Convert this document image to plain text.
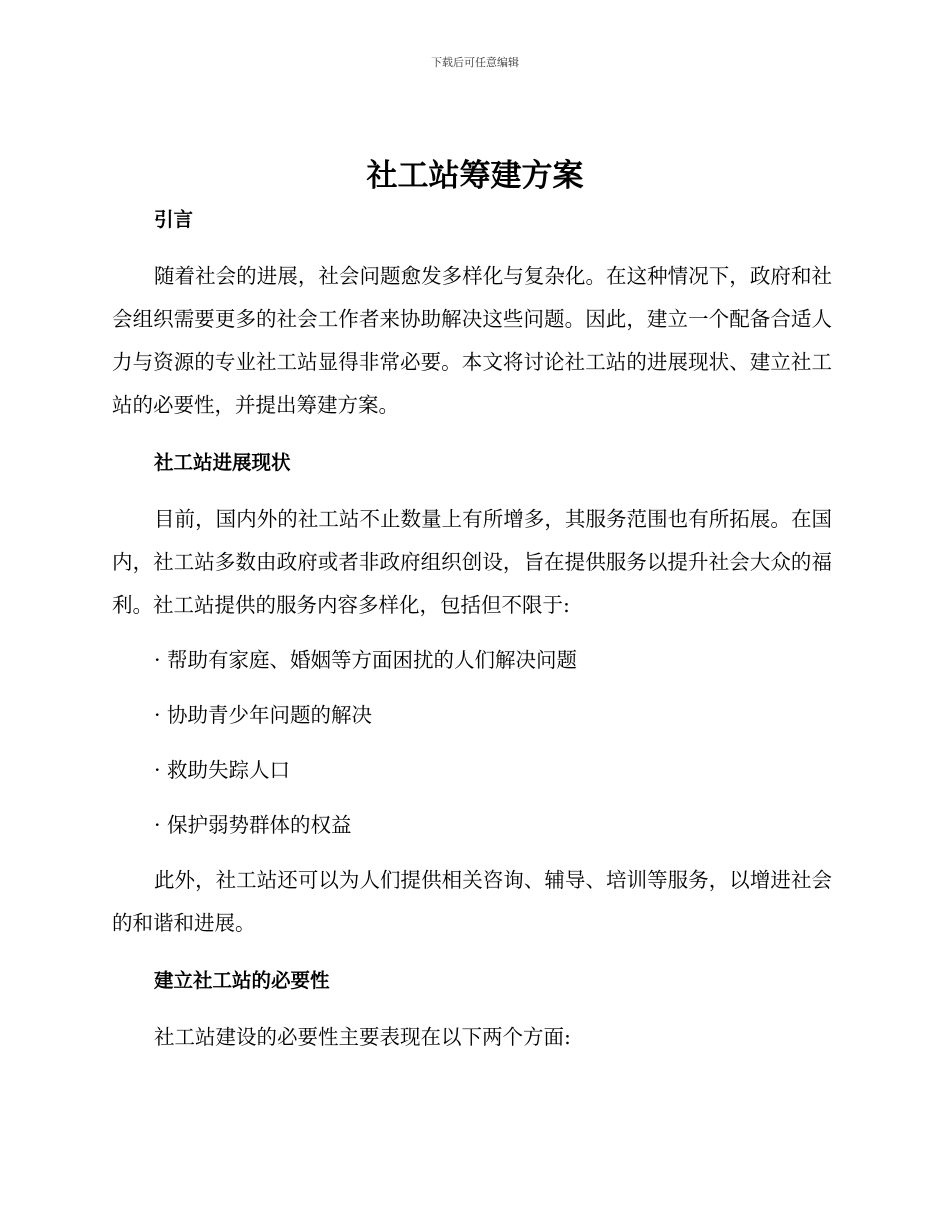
下载后可任意编辑
社工站筹建方案
引言

随着社会的进展，社会问题愈发多样化与复杂化。在这种情况下，政府和社会组织需要更多的社会工作者来协助解决这些问题。因此，建立一个配备合适人力与资源的专业社工站显得非常必要。本文将讨论社工站的进展现状、建立社工站的必要性，并提出筹建方案。

社工站进展现状

目前，国内外的社工站不止数量上有所增多，其服务范围也有所拓展。在国内，社工站多数由政府或者非政府组织创设，旨在提供服务以提升社会大众的福利。社工站提供的服务内容多样化，包括但不限于:

· 帮助有家庭、婚姻等方面困扰的人们解决问题

· 协助青少年问题的解决

· 救助失踪人口

· 保护弱势群体的权益

此外，社工站还可以为人们提供相关咨询、辅导、培训等服务，以增进社会的和谐和进展。

建立社工站的必要性

社工站建设的必要性主要表现在以下两个方面:
